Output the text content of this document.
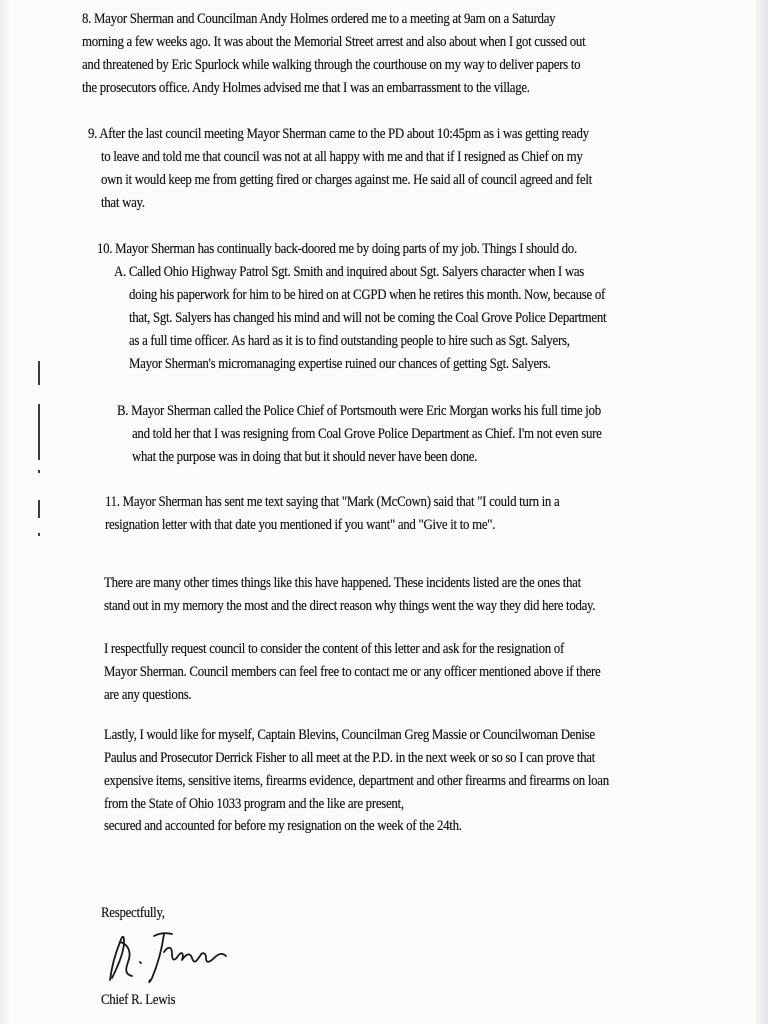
8. Mayor Sherman and Councilman Andy Holmes ordered me to a meeting at 9am on a Saturday
morning a few weeks ago. It was about the Memorial Street arrest and also about when I got cussed out
and threatened by Eric Spurlock while walking through the courthouse on my way to deliver papers to
the prosecutors office. Andy Holmes advised me that I was an embarrassment to the village.
9. After the last council meeting Mayor Sherman came to the PD about 10:45pm as i was getting ready
to leave and told me that council was not at all happy with me and that if I resigned as Chief on my
own it would keep me from getting fired or charges against me. He said all of council agreed and felt
that way.
10. Mayor Sherman has continually back-doored me by doing parts of my job. Things I should do.
A. Called Ohio Highway Patrol Sgt. Smith and inquired about Sgt. Salyers character when I was
doing his paperwork for him to be hired on at CGPD when he retires this month. Now, because of
that, Sgt. Salyers has changed his mind and will not be coming the Coal Grove Police Department
as a full time officer. As hard as it is to find outstanding people to hire such as Sgt. Salyers,
Mayor Sherman's micromanaging expertise ruined our chances of getting Sgt. Salyers.
B. Mayor Sherman called the Police Chief of Portsmouth were Eric Morgan works his full time job
and told her that I was resigning from Coal Grove Police Department as Chief. I'm not even sure
what the purpose was in doing that but it should never have been done.
11. Mayor Sherman has sent me text saying that "Mark (McCown) said that "I could turn in a
resignation letter with that date you mentioned if you want" and "Give it to me".
There are many other times things like this have happened. These incidents listed are the ones that
stand out in my memory the most and the direct reason why things went the way they did here today.
I respectfully request council to consider the content of this letter and ask for the resignation of
Mayor Sherman. Council members can feel free to contact me or any officer mentioned above if there
are any questions.
Lastly, I would like for myself, Captain Blevins, Councilman Greg Massie or Councilwoman Denise
Paulus and Prosecutor Derrick Fisher to all meet at the P.D. in the next week or so so I can prove that
expensive items, sensitive items, firearms evidence, department and other firearms and firearms on loan
from the State of Ohio 1033 program and the like are present,
secured and accounted for before my resignation on the week of the 24th.
Respectfully,
Chief R. Lewis
